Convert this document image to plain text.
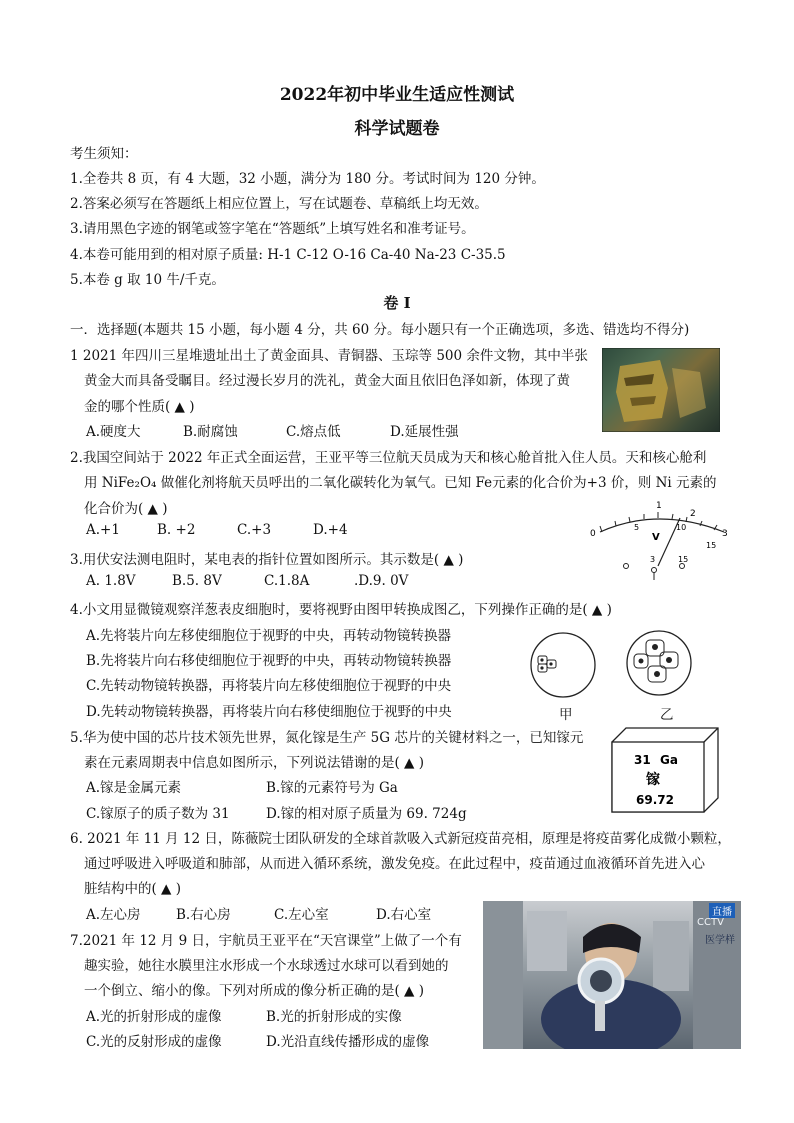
2022年初中毕业生适应性测试
科学试题卷
考生须知：
1.全卷共 8 页，有 4 大题，32 小题，满分为 180 分。考试时间为 120 分钟。
2.答案必须写在答题纸上相应位置上，写在试题卷、草稿纸上均无效。
3.请用黑色字迹的钢笔或签字笔在“答题纸”上填写姓名和准考证号。
4.本卷可能用到的相对原子质量: H-1 C-12 O-16 Ca-40 Na-23 C-35.5
5.本卷 g 取 10 牛/千克。
卷 I
一．选择题(本题共 15 小题，每小题 4 分，共 60 分。每小题只有一个正确选项，多选、错选均不得分)
1 2021 年四川三星堆遗址出土了黄金面具、青铜器、玉琮等 500 余件文物，其中半张
黄金大而具备受瞩目。经过漫长岁月的洗礼，黄金大面且依旧色泽如新，体现了黄
金的哪个性质( ▲ )
A.硬度大	B.耐腐蚀	C.熔点低	D.延展性强
2.我国空间站于 2022 年正式全面运营，王亚平等三位航天员成为天和核心舱首批入住人员。天和核心舱利
用 NiFe₂O₄ 做催化剂将航天员呼出的二氧化碳转化为氧气。已知 Fe元素的化合价为+3 价，则 Ni 元素的
化合价为( ▲ )
A.+1	B. +2	C.+3	D.+4	0
1
2
3
5	10
15
V
3	15
3.用伏安法测电阻时，某电表的指针位置如图所示。其示数是( ▲ )
A. 1.8V	B.5. 8V	C.1.8A	.D.9. 0V
4.小文用显微镜观察洋葱表皮细胞时，要将视野由图甲转换成图乙，下列操作正确的是( ▲ )
A.先将装片向左移使细胞位于视野的中央，再转动物镜转换器
B.先将装片向右移使细胞位于视野的中央，再转动物镜转换器
C.先转动物镜转换器，再将装片向左移使细胞位于视野的中央
D.先转动物镜转换器，再将装片向右移使细胞位于视野的中央	甲	乙
5.华为使中国的芯片技术领先世界，氮化镓是生产 5G 芯片的关键材料之一，已知镓元
素在元素周期表中信息如图所示，下列说法错谢的是( ▲ )
A.镓是金属元素	B.镓的元素符号为 Ga
C.镓原子的质子数为 31	D.镓的相对原子质量为 69. 724g
31 Ga
镓
69.72
6. 2021 年 11 月 12 日，陈薇院士团队研发的全球首款吸入式新冠疫苗亮相，原理是将疫苗雾化成微小颗粒，
通过呼吸进入呼吸道和肺部，从而进入循环系统，激发免疫。在此过程中，疫苗通过血液循环首先进入心
脏结构中的( ▲ )
A.左心房	B.右心房	C.左心室	D.右心室
7.2021 年 12 月 9 日，宇航员王亚平在“天宫课堂”上做了一个有
趣实验，她往水膜里注水形成一个水球透过水球可以看到她的
一个倒立、缩小的像。下列对所成的像分析正确的是( ▲ )
A.光的折射形成的虚像	B.光的折射形成的实像
C.光的反射形成的虚像	D.光沿直线传播形成的虚像
直播
CCTV
医学样
